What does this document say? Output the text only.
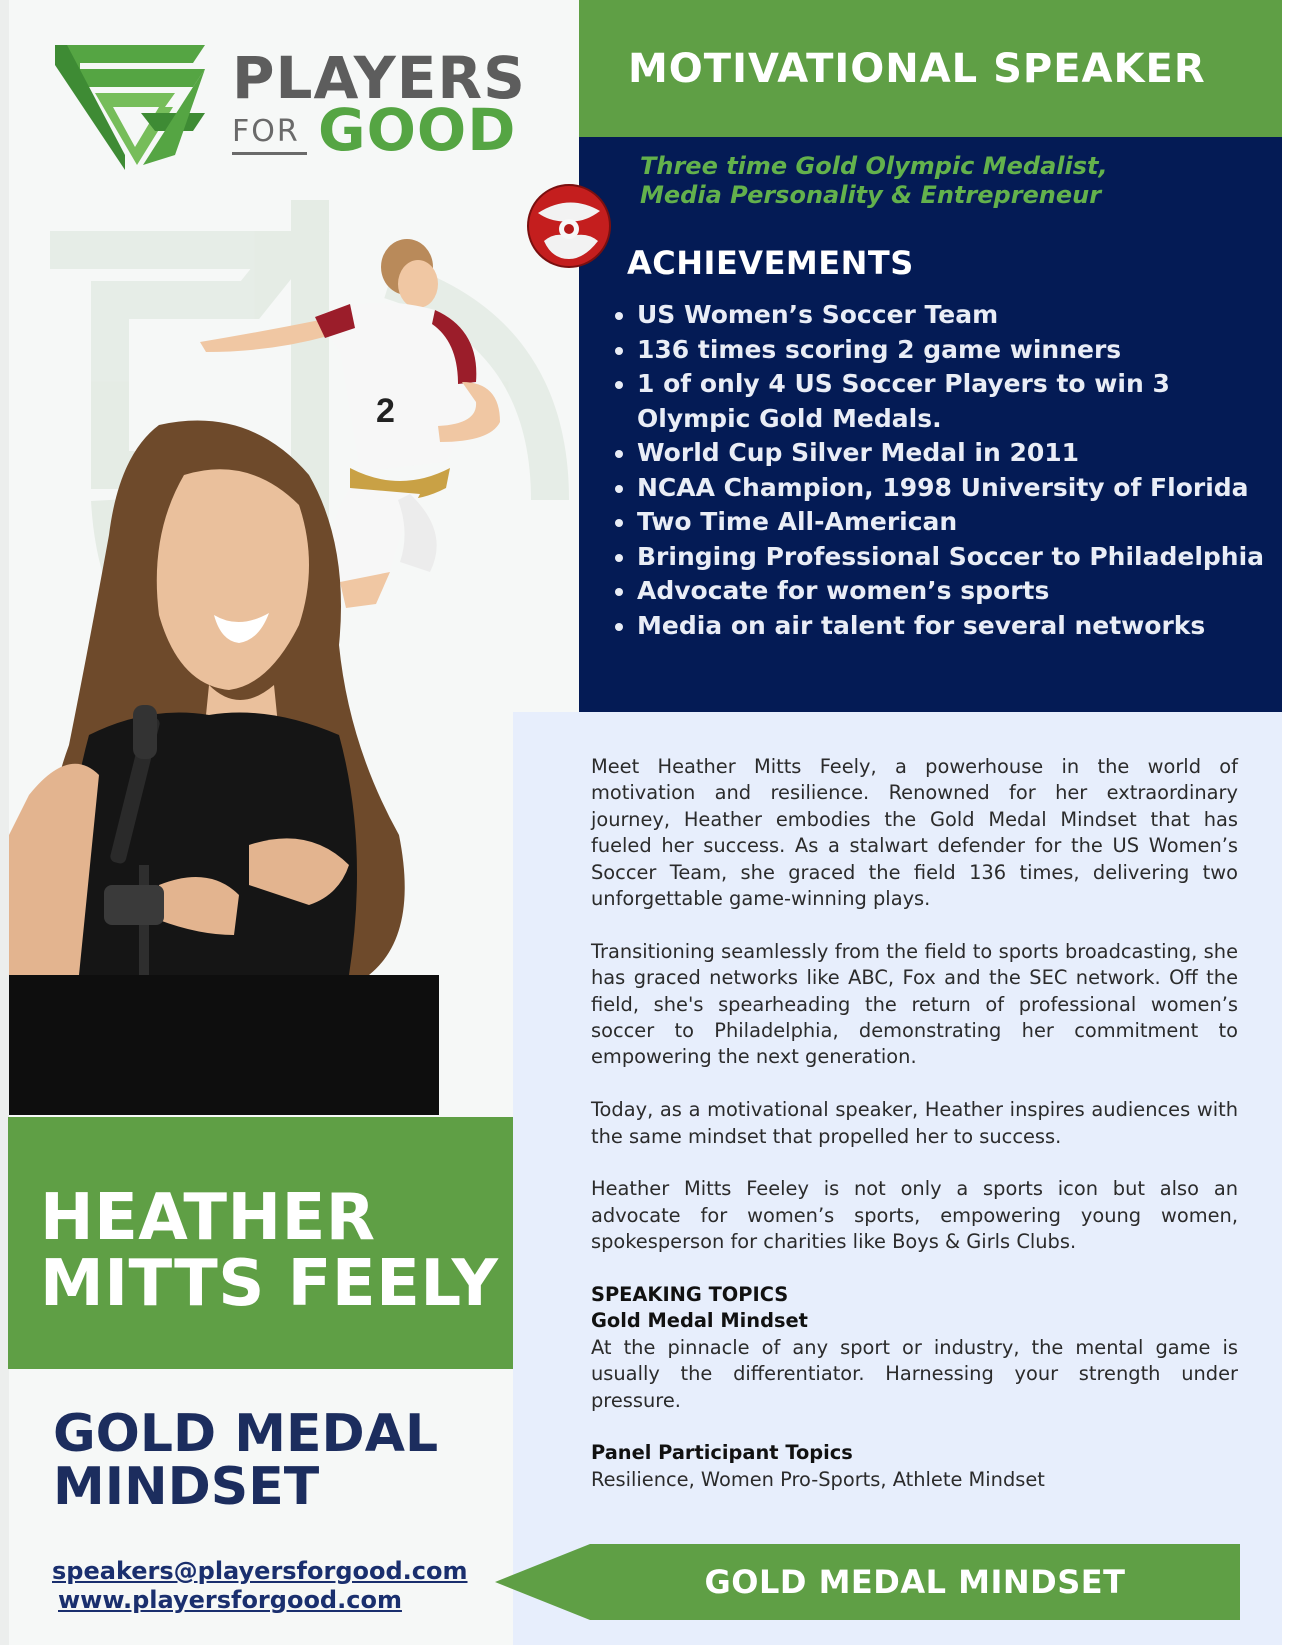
PLAYERS
FOR GOOD
MOTIVATIONAL SPEAKER
Three time Gold Olympic Medalist,
Media Personality & Entrepreneur
ACHIEVEMENTS
• US Women’s Soccer Team
• 136 times scoring 2 game winners
• 1 of only 4 US Soccer Players to win 3 Olympic Gold Medals.
• World Cup Silver Medal in 2011
• NCAA Champion, 1998 University of Florida
• Two Time All-American
• Bringing Professional Soccer to Philadelphia
• Advocate for women’s sports
• Media on air talent for several networks
2

Meet Heather Mitts Feely, a powerhouse in the world of motivation and resilience. Renowned for her extraordinary journey, Heather embodies the Gold Medal Mindset that has fueled her success. As a stalwart defender for the US Women’s Soccer Team, she graced the field 136 times, delivering two unforgettable game-winning plays.

Transitioning seamlessly from the field to sports broadcasting, she has graced networks like ABC, Fox and the SEC network. Off the field, she's spearheading the return of professional women’s soccer to Philadelphia, demonstrating her commitment to empowering the next generation.

Today, as a motivational speaker, Heather inspires audiences with the same mindset that propelled her to success.

Heather Mitts Feeley is not only a sports icon but also an advocate for women’s sports, empowering young women, spokesperson for charities like Boys & Girls Clubs.

SPEAKING TOPICS
Gold Medal Mindset
At the pinnacle of any sport or industry, the mental game is usually the differentiator. Harnessing your strength under pressure.

Panel Participant Topics
Resilience, Women Pro-Sports, Athlete Mindset

HEATHER
MITTS FEELY
GOLD MEDAL
MINDSET
speakers@playersforgood.com
www.playersforgood.com	GOLD MEDAL MINDSET
